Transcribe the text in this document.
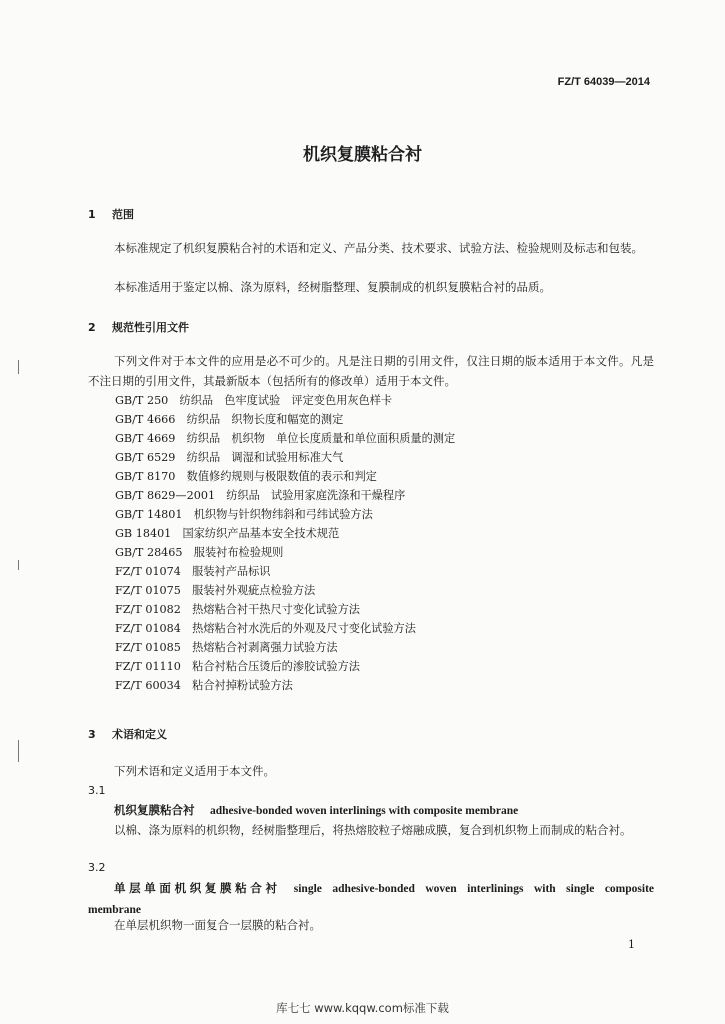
FZ/T 64039—2014
机织复膜粘合衬
1 范围
本标准规定了机织复膜粘合衬的术语和定义、产品分类、技术要求、试验方法、检验规则及标志和包装。
本标准适用于鉴定以棉、涤为原料，经树脂整理、复膜制成的机织复膜粘合衬的品质。
2 规范性引用文件
下列文件对于本文件的应用是必不可少的。凡是注日期的引用文件，仅注日期的版本适用于本文件。凡是不注日期的引用文件，其最新版本（包括所有的修改单）适用于本文件。
GB/T 250　 纺织品　色牢度试验　评定变色用灰色样卡
GB/T 4666　 纺织品　织物长度和幅宽的测定
GB/T 4669　 纺织品　机织物　单位长度质量和单位面积质量的测定
GB/T 6529　 纺织品　调湿和试验用标准大气
GB/T 8170　 数值修约规则与极限数值的表示和判定
GB/T 8629—2001　 纺织品　试验用家庭洗涤和干燥程序
GB/T 14801　 机织物与针织物纬斜和弓纬试验方法
GB 18401　 国家纺织产品基本安全技术规范
GB/T 28465　 服装衬布检验规则
FZ/T 01074　 服装衬产品标识
FZ/T 01075　 服装衬外观疵点检验方法
FZ/T 01082　 热熔粘合衬干热尺寸变化试验方法
FZ/T 01084　 热熔粘合衬水洗后的外观及尺寸变化试验方法
FZ/T 01085　 热熔粘合衬剥离强力试验方法
FZ/T 01110　 粘合衬粘合压烫后的渗胶试验方法
FZ/T 60034　 粘合衬掉粉试验方法
3 术语和定义
下列术语和定义适用于本文件。
3.1
机织复膜粘合衬　 adhesive-bonded woven interlinings with composite membrane
以棉、涤为原料的机织物，经树脂整理后，将热熔胶粒子熔融成膜，复合到机织物上而制成的粘合衬。
3.2
单层单面机织复膜粘合衬　 single adhesive-bonded woven interlinings with single composite membrane
在单层机织物一面复合一层膜的粘合衬。
1
库七七 www.kqqw.com标准下载
